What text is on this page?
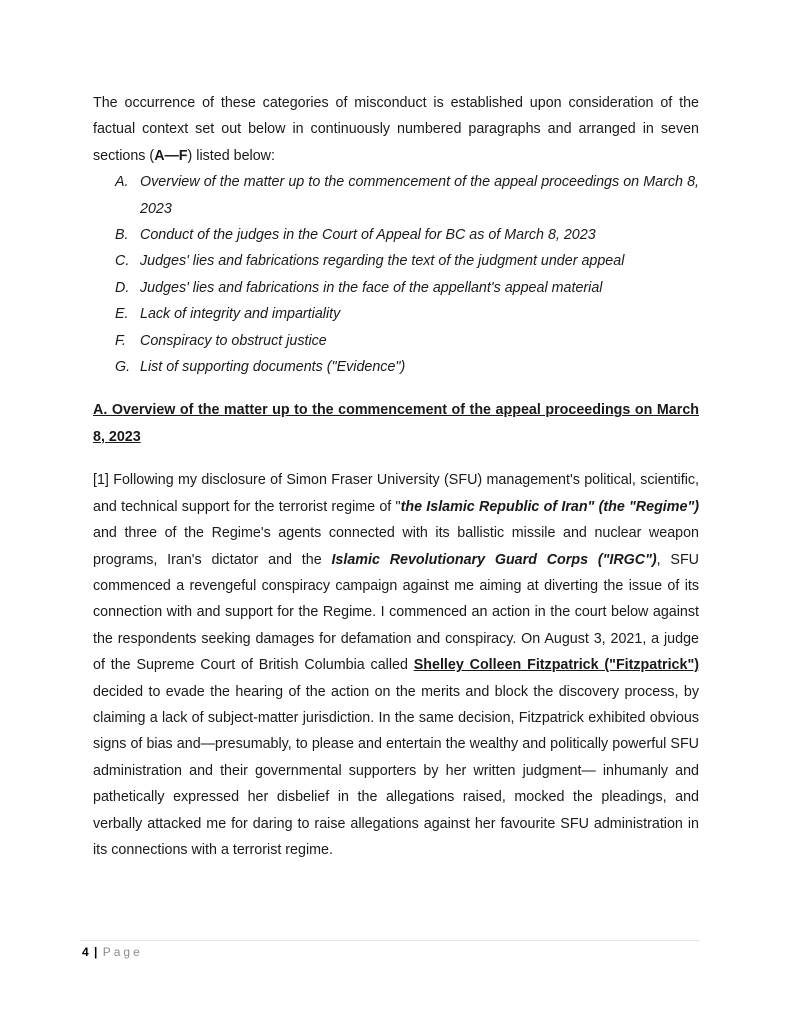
The occurrence of these categories of misconduct is established upon consideration of the factual context set out below in continuously numbered paragraphs and arranged in seven sections (A—F) listed below:

A. Overview of the matter up to the commencement of the appeal proceedings on March 8, 2023
B. Conduct of the judges in the Court of Appeal for BC as of March 8, 2023
C. Judges' lies and fabrications regarding the text of the judgment under appeal
D. Judges' lies and fabrications in the face of the appellant's appeal material
E. Lack of integrity and impartiality
F. Conspiracy to obstruct justice
G. List of supporting documents ("Evidence")
A. Overview of the matter up to the commencement of the appeal proceedings on March 8, 2023

[1] Following my disclosure of Simon Fraser University (SFU) management's political, scientific, and technical support for the terrorist regime of "the Islamic Republic of Iran" (the "Regime") and three of the Regime's agents connected with its ballistic missile and nuclear weapon programs, Iran's dictator and the Islamic Revolutionary Guard Corps ("IRGC"), SFU commenced a revengeful conspiracy campaign against me aiming at diverting the issue of its connection with and support for the Regime. I commenced an action in the court below against the respondents seeking damages for defamation and conspiracy. On August 3, 2021, a judge of the Supreme Court of British Columbia called Shelley Colleen Fitzpatrick ("Fitzpatrick") decided to evade the hearing of the action on the merits and block the discovery process, by claiming a lack of subject-matter jurisdiction. In the same decision, Fitzpatrick exhibited obvious signs of bias and—presumably, to please and entertain the wealthy and politically powerful SFU administration and their governmental supporters by her written judgment— inhumanly and pathetically expressed her disbelief in the allegations raised, mocked the pleadings, and verbally attacked me for daring to raise allegations against her favourite SFU administration in its connections with a terrorist regime.

4 | Page
